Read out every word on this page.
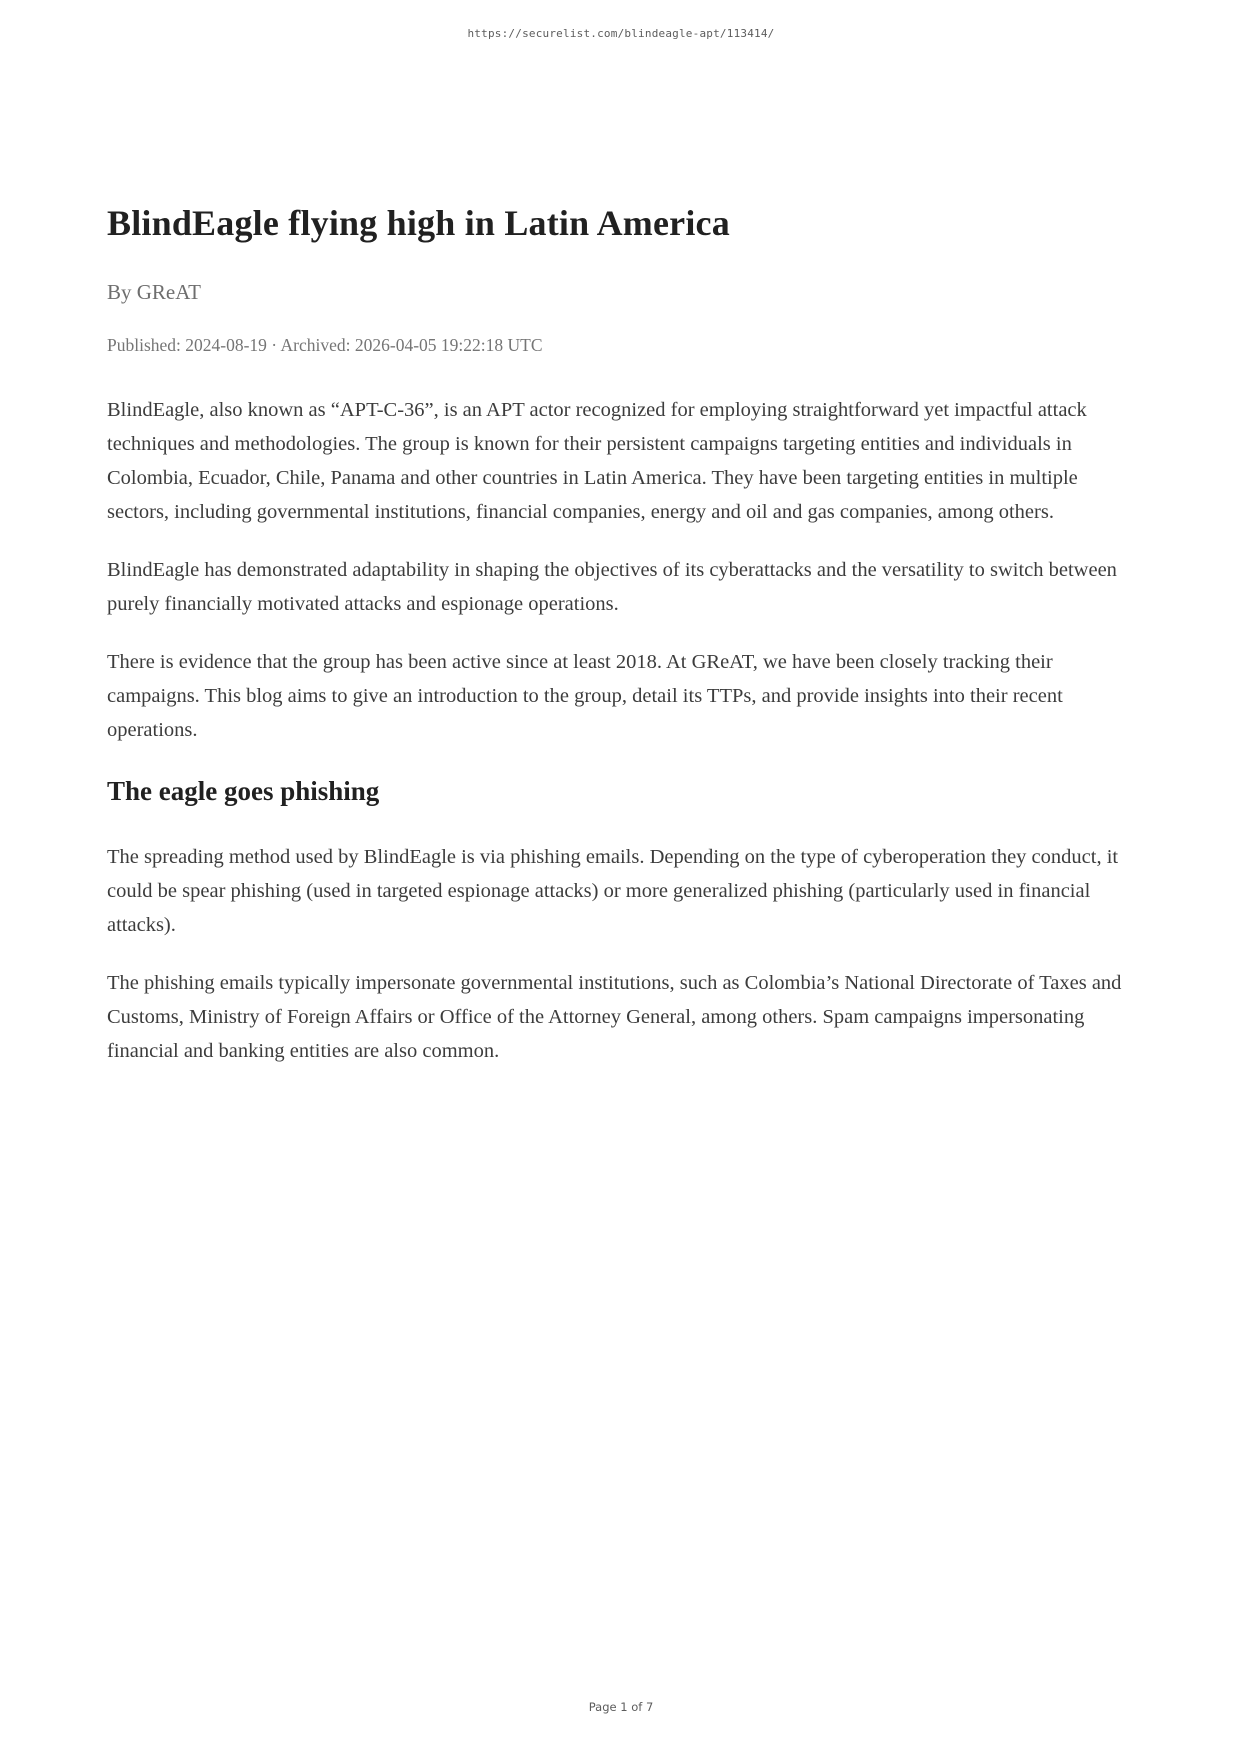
https://securelist.com/blindeagle-apt/113414/
BlindEagle flying high in Latin America
By GReAT
Published: 2024-08-19 · Archived: 2026-04-05 19:22:18 UTC

BlindEagle, also known as “APT-C-36”, is an APT actor recognized for employing straightforward yet impactful attack techniques and methodologies. The group is known for their persistent campaigns targeting entities and individuals in Colombia, Ecuador, Chile, Panama and other countries in Latin America. They have been targeting entities in multiple sectors, including governmental institutions, financial companies, energy and oil and gas companies, among others.

BlindEagle has demonstrated adaptability in shaping the objectives of its cyberattacks and the versatility to switch between purely financially motivated attacks and espionage operations.

There is evidence that the group has been active since at least 2018. At GReAT, we have been closely tracking their campaigns. This blog aims to give an introduction to the group, detail its TTPs, and provide insights into their recent operations.

The eagle goes phishing

The spreading method used by BlindEagle is via phishing emails. Depending on the type of cyberoperation they conduct, it could be spear phishing (used in targeted espionage attacks) or more generalized phishing (particularly used in financial attacks).

The phishing emails typically impersonate governmental institutions, such as Colombia’s National Directorate of Taxes and Customs, Ministry of Foreign Affairs or Office of the Attorney General, among others. Spam campaigns impersonating financial and banking entities are also common.

Page 1 of 7
